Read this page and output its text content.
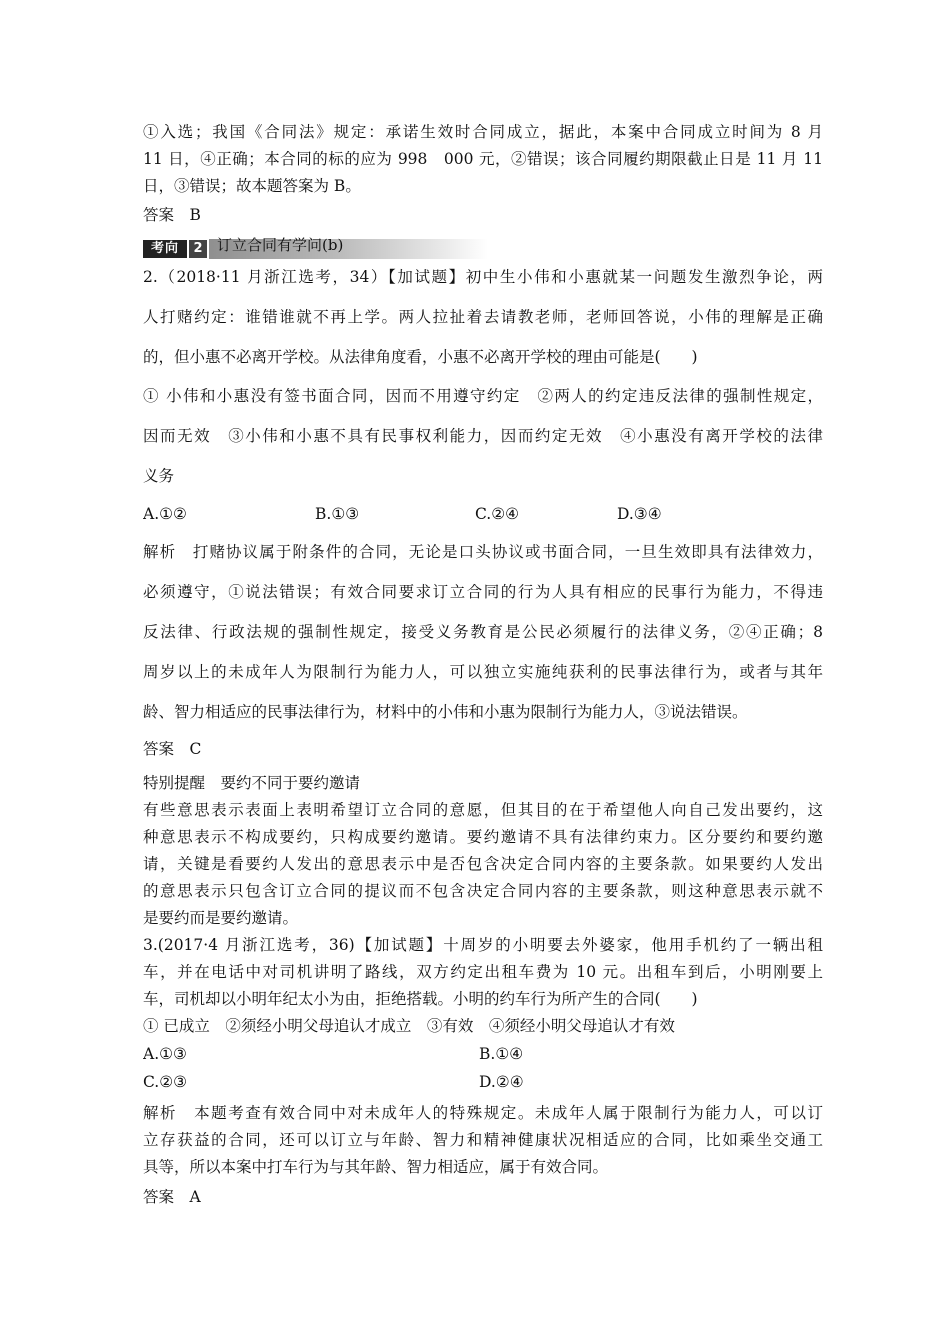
①入选；我国《合同法》规定：承诺生效时合同成立，据此，本案中合同成立时间为 8 月
11 日，④正确；本合同的标的应为 998　000 元，②错误；该合同履约期限截止日是 11 月 11
日，③错误；故本题答案为 B。
答案　B
考向	2 订立合同有学问(b)
2.（2018·11 月浙江选考，34）【加试题】初中生小伟和小惠就某一问题发生激烈争论，两
人打赌约定：谁错谁就不再上学。两人拉扯着去请教老师，老师回答说，小伟的理解是正确
的，但小惠不必离开学校。从法律角度看，小惠不必离开学校的理由可能是(　　)
① 小伟和小惠没有签书面合同，因而不用遵守约定　②两人的约定违反法律的强制性规定，
因而无效　③小伟和小惠不具有民事权利能力，因而约定无效　④小惠没有离开学校的法律
义务
A.①②	B.①③	C.②④	D.③④
解析　打赌协议属于附条件的合同，无论是口头协议或书面合同，一旦生效即具有法律效力，
必须遵守，①说法错误；有效合同要求订立合同的行为人具有相应的民事行为能力，不得违
反法律、行政法规的强制性规定，接受义务教育是公民必须履行的法律义务，②④正确；8
周岁以上的未成年人为限制行为能力人，可以独立实施纯获利的民事法律行为，或者与其年
龄、智力相适应的民事法律行为，材料中的小伟和小惠为限制行为能力人，③说法错误。
答案　C
特别提醒　要约不同于要约邀请
有些意思表示表面上表明希望订立合同的意愿，但其目的在于希望他人向自己发出要约，这
种意思表示不构成要约，只构成要约邀请。要约邀请不具有法律约束力。区分要约和要约邀
请，关键是看要约人发出的意思表示中是否包含决定合同内容的主要条款。如果要约人发出
的意思表示只包含订立合同的提议而不包含决定合同内容的主要条款，则这种意思表示就不
是要约而是要约邀请。
3.(2017·4 月浙江选考，36)【加试题】十周岁的小明要去外婆家，他用手机约了一辆出租
车，并在电话中对司机讲明了路线，双方约定出租车费为 10 元。出租车到后，小明刚要上
车，司机却以小明年纪太小为由，拒绝搭载。小明的约车行为所产生的合同(　　)
① 已成立　②须经小明父母追认才成立　③有效　④须经小明父母追认才有效
A.①③	B.①④
C.②③	D.②④
解析　本题考查有效合同中对未成年人的特殊规定。未成年人属于限制行为能力人，可以订
立存获益的合同，还可以订立与年龄、智力和精神健康状况相适应的合同，比如乘坐交通工
具等，所以本案中打车行为与其年龄、智力相适应，属于有效合同。
答案　A
